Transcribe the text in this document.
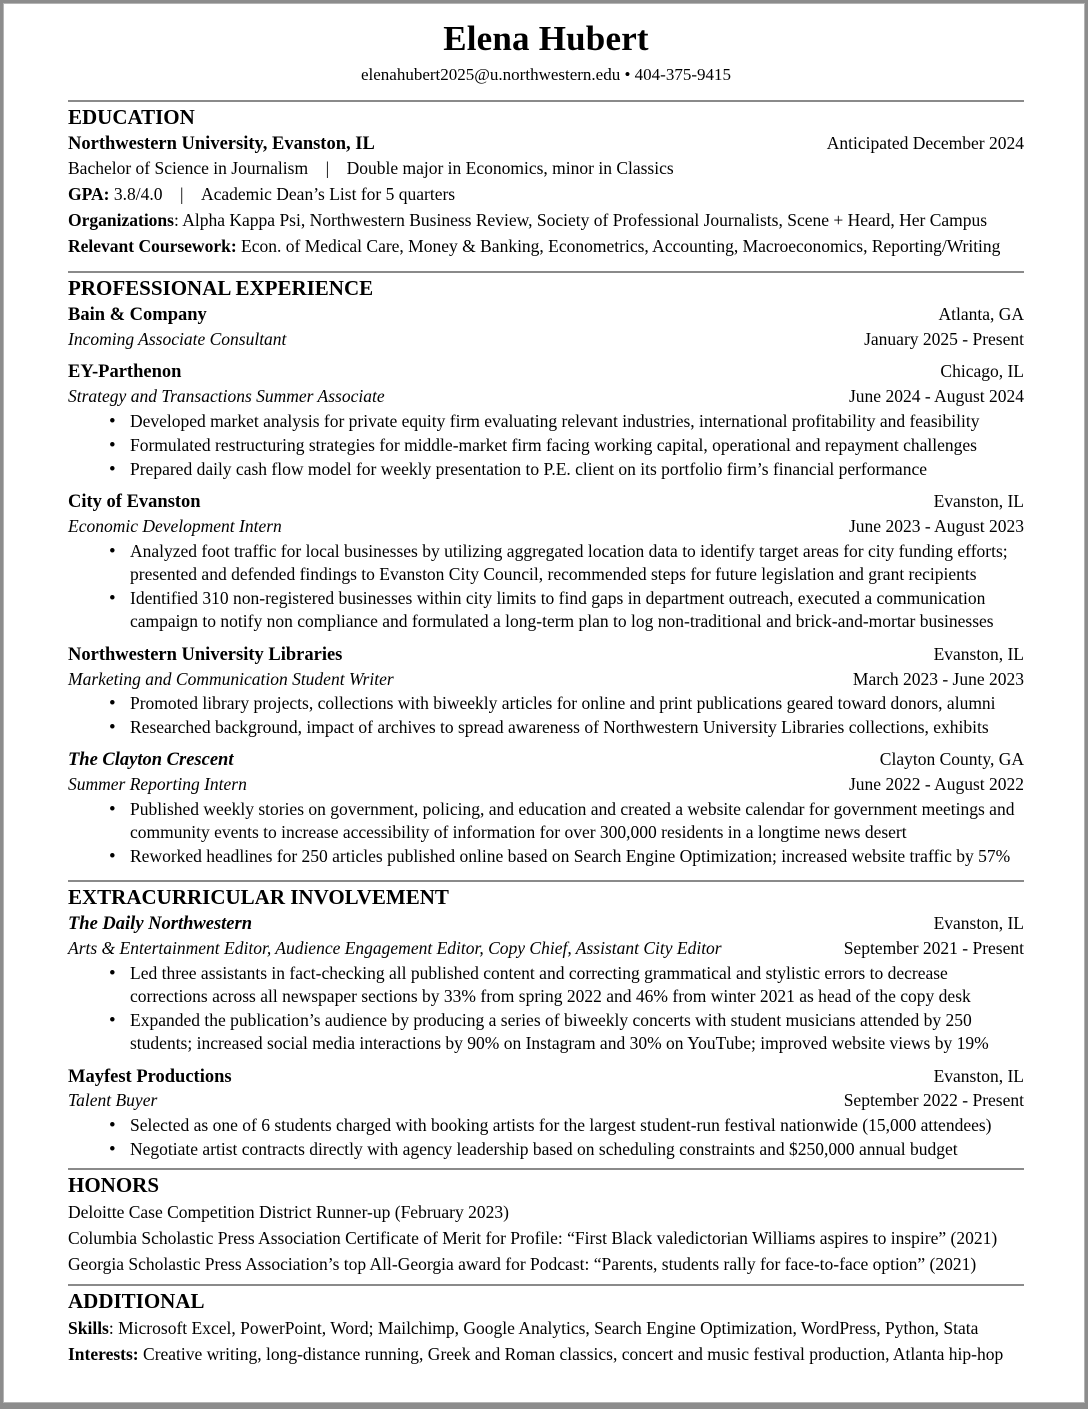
Elena Hubert
elenahubert2025@u.northwestern.edu • 404-375-9415
EDUCATION
Northwestern University, Evanston, IL	Anticipated December 2024
Bachelor of Science in Journalism | Double major in Economics, minor in Classics
GPA: 3.8/4.0 | Academic Dean’s List for 5 quarters
Organizations: Alpha Kappa Psi, Northwestern Business Review, Society of Professional Journalists, Scene + Heard, Her Campus
Relevant Coursework: Econ. of Medical Care, Money & Banking, Econometrics, Accounting, Macroeconomics, Reporting/Writing
PROFESSIONAL EXPERIENCE
Bain & Company	Atlanta, GA
Incoming Associate Consultant	January 2025 - Present
EY-Parthenon	Chicago, IL
Strategy and Transactions Summer Associate	June 2024 - August 2024
• Developed market analysis for private equity firm evaluating relevant industries, international profitability and feasibility
• Formulated restructuring strategies for middle-market firm facing working capital, operational and repayment challenges
• Prepared daily cash flow model for weekly presentation to P.E. client on its portfolio firm’s financial performance
City of Evanston	Evanston, IL
Economic Development Intern	June 2023 - August 2023
• Analyzed foot traffic for local businesses by utilizing aggregated location data to identify target areas for city funding efforts; presented and defended findings to Evanston City Council, recommended steps for future legislation and grant recipients
• Identified 310 non-registered businesses within city limits to find gaps in department outreach, executed a communication campaign to notify non compliance and formulated a long-term plan to log non-traditional and brick-and-mortar businesses
Northwestern University Libraries	Evanston, IL
Marketing and Communication Student Writer	March 2023 - June 2023
• Promoted library projects, collections with biweekly articles for online and print publications geared toward donors, alumni
• Researched background, impact of archives to spread awareness of Northwestern University Libraries collections, exhibits
The Clayton Crescent	Clayton County, GA
Summer Reporting Intern	June 2022 - August 2022
• Published weekly stories on government, policing, and education and created a website calendar for government meetings and community events to increase accessibility of information for over 300,000 residents in a longtime news desert
• Reworked headlines for 250 articles published online based on Search Engine Optimization; increased website traffic by 57%
EXTRACURRICULAR INVOLVEMENT
The Daily Northwestern	Evanston, IL
Arts & Entertainment Editor, Audience Engagement Editor, Copy Chief, Assistant City Editor	September 2021 - Present
• Led three assistants in fact-checking all published content and correcting grammatical and stylistic errors to decrease corrections across all newspaper sections by 33% from spring 2022 and 46% from winter 2021 as head of the copy desk
• Expanded the publication’s audience by producing a series of biweekly concerts with student musicians attended by 250 students; increased social media interactions by 90% on Instagram and 30% on YouTube; improved website views by 19%
Mayfest Productions	Evanston, IL
Talent Buyer	September 2022 - Present
• Selected as one of 6 students charged with booking artists for the largest student-run festival nationwide (15,000 attendees)
• Negotiate artist contracts directly with agency leadership based on scheduling constraints and $250,000 annual budget
HONORS
Deloitte Case Competition District Runner-up (February 2023)
Columbia Scholastic Press Association Certificate of Merit for Profile: “First Black valedictorian Williams aspires to inspire” (2021)
Georgia Scholastic Press Association’s top All-Georgia award for Podcast: “Parents, students rally for face-to-face option” (2021)
ADDITIONAL
Skills: Microsoft Excel, PowerPoint, Word; Mailchimp, Google Analytics, Search Engine Optimization, WordPress, Python, Stata
Interests: Creative writing, long-distance running, Greek and Roman classics, concert and music festival production, Atlanta hip-hop
